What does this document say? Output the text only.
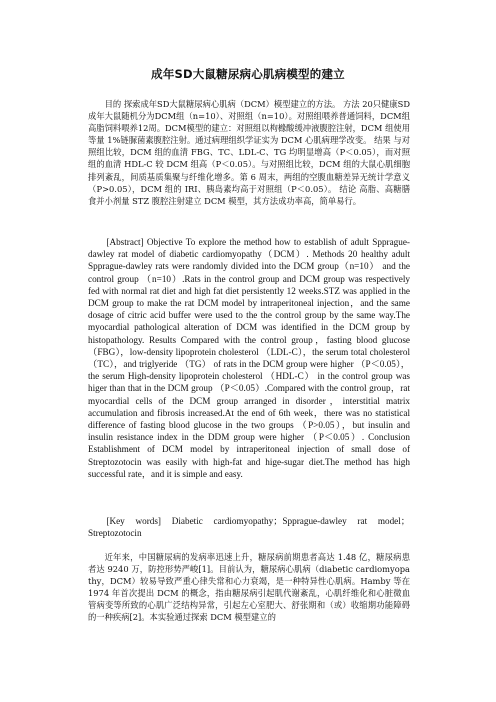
成年SD大鼠糖尿病心肌病模型的建立

目的 探索成年SD大鼠糖尿病心肌病（DCM）模型建立的方法。 方法 20只健康SD成年大鼠随机分为DCM组（n=10）、对照组（n=10）。对照组喂养普通饲料，DCM组高脂饲料喂养12周。DCM模型的建立：对照组以枸橼酸缓冲液腹腔注射，DCM 组使用等量 1%链脲菌素腹腔注射。通过病理组织学证实为 DCM 心肌病理学改变。 结果 与对照组比较，DCM 组的血清 FBG、TC、LDL-C、TG 均明显增高（P＜0.05），而对照组的血清 HDL-C 较 DCM 组高（P＜0.05）。与对照组比较，DCM 组的大鼠心肌细胞排列紊乱，间质基质集聚与纤维化增多。第 6 周末，两组的空腹血糖差异无统计学意义（P>0.05），DCM 组的 IRI、胰岛素均高于对照组（P＜0.05）。 结论 高脂、高糖膳食并小剂量 STZ 腹腔注射建立 DCM 模型，其方法成功率高，简单易行。

[Abstract] Objective To explore the method how to establish of adult Spprague-dawley rat model of diabetic cardiomyopathy（DCM）. Methods 20 healthy adult Spprague-dawley rats were randomly divided into the DCM group（n=10） and the control group （n=10）.Rats in the control group and DCM group was respectively fed with normal rat diet and high fat diet persistently 12 weeks.STZ was applied in the DCM group to make the rat DCM model by intraperitoneal injection，and the same dosage of citric acid buffer were used to the the control group by the same way.The myocardial pathological alteration of DCM was identified in the DCM group by histopathology. Results Compared with the control group，fasting blood glucose （FBG），low-density lipoprotein cholesterol （LDL-C），the serum total cholesterol （TC），and triglyeride （TG） of rats in the DCM group were higher （P＜0.05），the serum High-density lipoprotein cholesterol （HDL-C） in the control group was higer than that in the DCM group （P＜0.05）.Compared with the control group，rat myocardial cells of the DCM group arranged in disorder，interstitial matrix accumulation and fibrosis increased.At the end of 6th week，there was no statistical difference of fasting blood glucose in the two groups （P>0.05），but insulin and insulin resistance index in the DDM group were higher （P＜0.05）. Conclusion Establishment of DCM model by intraperitoneal injection of small dose of Streptozotocin was easily with high-fat and hige-sugar diet.The method has high successful rate，and it is simple and easy.

[Key words] Diabetic cardiomyopathy；Spprague-dawley rat model；Streptozotocin

近年来，中国糖尿病的发病率迅速上升，糖尿病前期患者高达 1.48 亿，糖尿病患者达 9240 万，防控形势严峻[1]。目前认为，糖尿病心肌病（diabetic cardiomyopathy，DCM）较易导致严重心律失常和心力衰竭，是一种特异性心肌病。Hamby 等在 1974 年首次提出 DCM 的概念，指由糖尿病引起肌代谢紊乱，心肌纤维化和心脏微血管病变等所致的心肌广泛结构异常，引起左心室肥大、舒张期和（或）收缩期功能障碍的一种疾病[2]。本实验通过探索 DCM 模型建立的
